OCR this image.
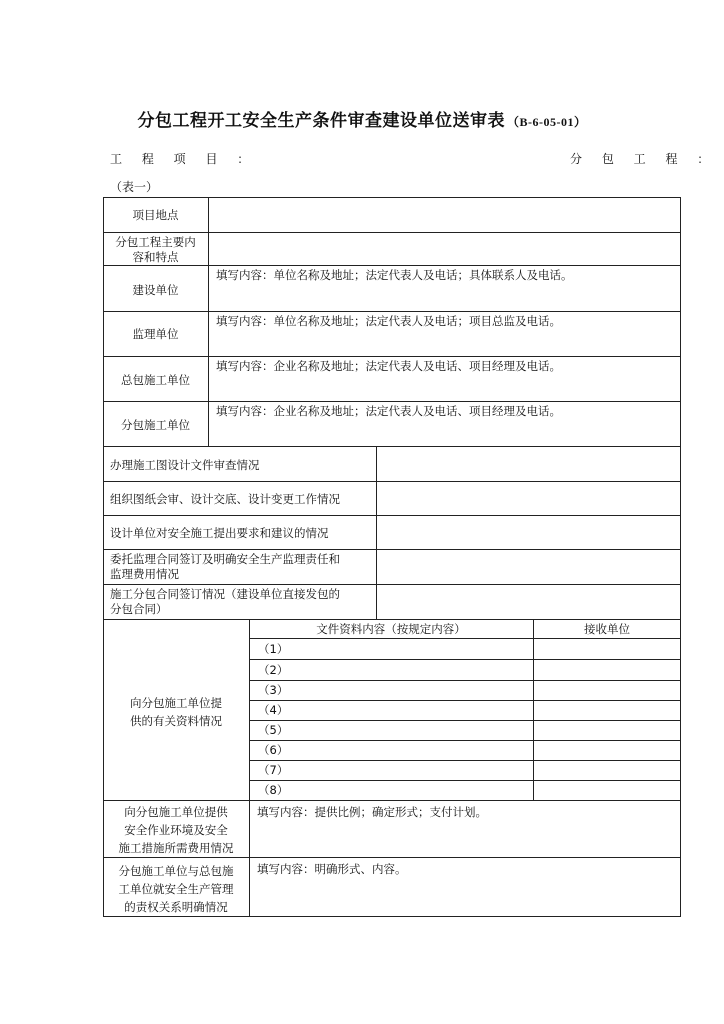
分包工程开工安全生产条件审查建设单位送审表 （B-6-05-01）
工 程 项 目 ：	分 包 工 程 ：
（表一）
项目地点
分包工程主要内
容和特点
建设单位
填写内容：单位名称及地址；法定代表人及电话；具体联系人及电话。
监理单位
填写内容：单位名称及地址；法定代表人及电话；项目总监及电话。
总包施工单位
填写内容：企业名称及地址；法定代表人及电话、项目经理及电话。
分包施工单位
填写内容：企业名称及地址；法定代表人及电话、项目经理及电话。
办理施工图设计文件审查情况
组织图纸会审、设计交底、设计变更工作情况
设计单位对安全施工提出要求和建议的情况
委托监理合同签订及明确安全生产监理责任和
监理费用情况
施工分包合同签订情况（建设单位直接发包的
分包合同）
向分包施工单位提
供的有关资料情况
文件资料内容（按规定内容）	接收单位
（1）
（2）
（3）
（4）
（5）
（6）
（7）
（8）
向分包施工单位提供
安全作业环境及安全
施工措施所需费用情况
填写内容：提供比例；确定形式；支付计划。
分包施工单位与总包施
工单位就安全生产管理
的责权关系明确情况
填写内容：明确形式、内容。
